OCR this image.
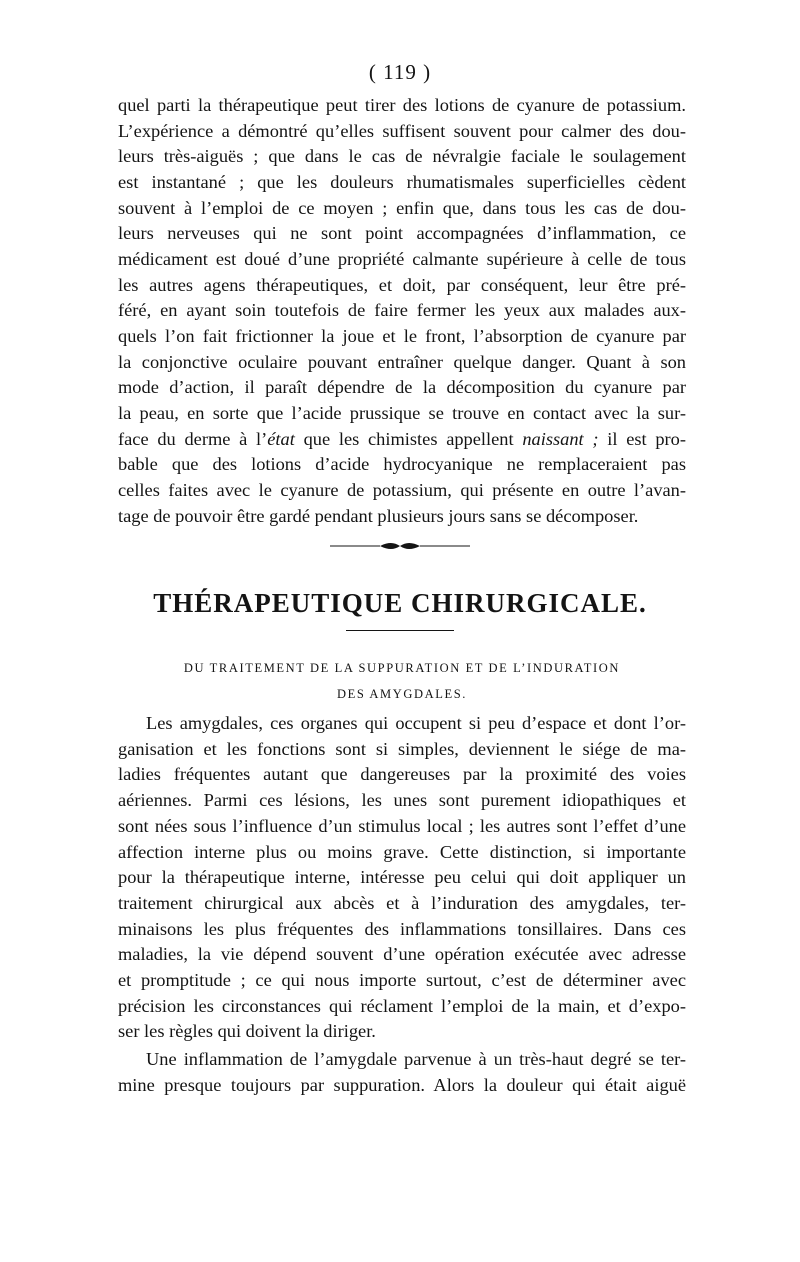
( 119 )

quel parti la thérapeutique peut tirer des lotions de cyanure de potassium.
L’expérience a démontré qu’elles suffisent souvent pour calmer des dou-
leurs très-aiguës ; que dans le cas de névralgie faciale le soulagement
est instantané ; que les douleurs rhumatismales superficielles cèdent
souvent à l’emploi de ce moyen ; enfin que, dans tous les cas de dou-
leurs nerveuses qui ne sont point accompagnées d’inflammation, ce
médicament est doué d’une propriété calmante supérieure à celle de tous
les autres agens thérapeutiques, et doit, par conséquent, leur être pré-
féré, en ayant soin toutefois de faire fermer les yeux aux malades aux-
quels l’on fait frictionner la joue et le front, l’absorption de cyanure par
la conjonctive oculaire pouvant entraîner quelque danger. Quant à son
mode d’action, il paraît dépendre de la décomposition du cyanure par
la peau, en sorte que l’acide prussique se trouve en contact avec la sur-
face du derme à l’état que les chimistes appellent naissant ; il est pro-
bable que des lotions d’acide hydrocyanique ne remplaceraient pas
celles faites avec le cyanure de potassium, qui présente en outre l’avan-
tage de pouvoir être gardé pendant plusieurs jours sans se décomposer.

THÉRAPEUTIQUE CHIRURGICALE.
DU TRAITEMENT DE LA SUPPURATION ET DE L’INDURATION
DES AMYGDALES.

Les amygdales, ces organes qui occupent si peu d’espace et dont l’or-
ganisation et les fonctions sont si simples, deviennent le siége de ma-
ladies fréquentes autant que dangereuses par la proximité des voies
aériennes. Parmi ces lésions, les unes sont purement idiopathiques et
sont nées sous l’influence d’un stimulus local ; les autres sont l’effet d’une
affection interne plus ou moins grave. Cette distinction, si importante
pour la thérapeutique interne, intéresse peu celui qui doit appliquer un
traitement chirurgical aux abcès et à l’induration des amygdales, ter-
minaisons les plus fréquentes des inflammations tonsillaires. Dans ces
maladies, la vie dépend souvent d’une opération exécutée avec adresse
et promptitude ; ce qui nous importe surtout, c’est de déterminer avec
précision les circonstances qui réclament l’emploi de la main, et d’expo-
ser les règles qui doivent la diriger.

Une inflammation de l’amygdale parvenue à un très-haut degré se ter-
mine presque toujours par suppuration. Alors la douleur qui était aiguë
